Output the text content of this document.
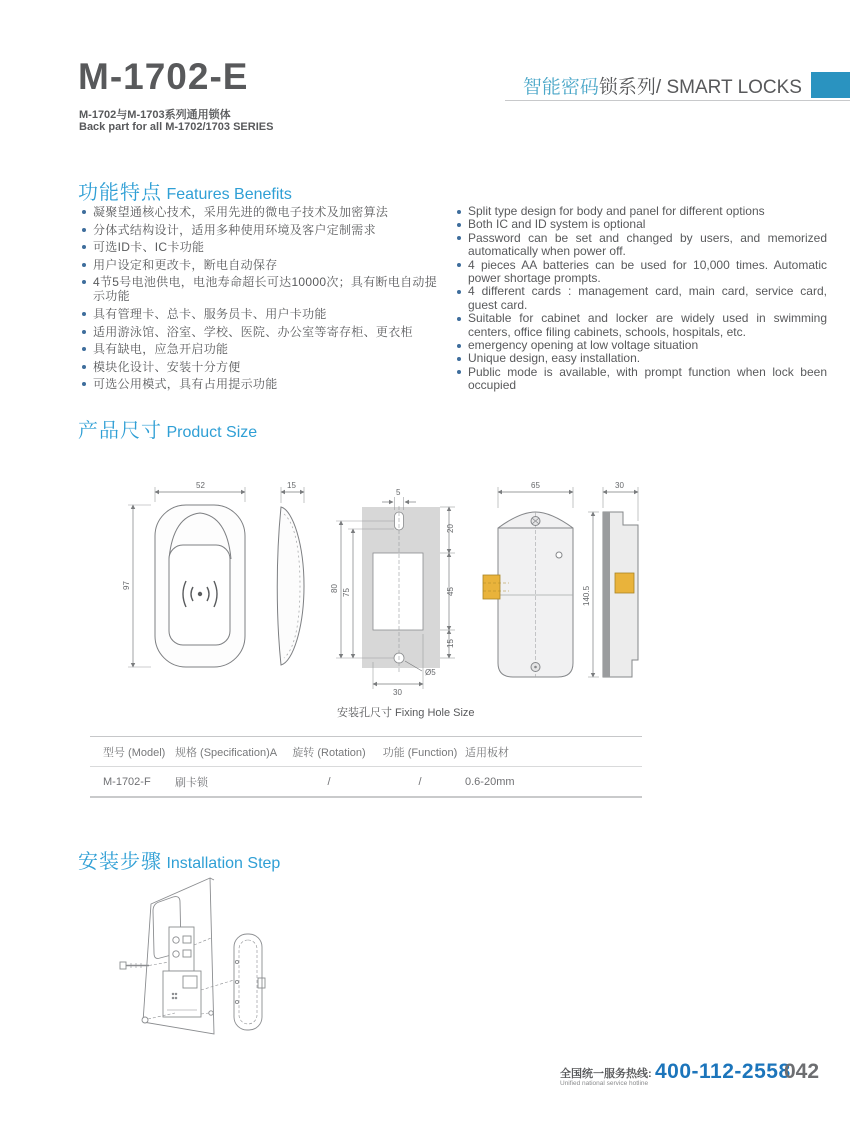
M-1702-E
M-1702与M-1703系列通用锁体
Back part for all M-1702/1703 SERIES
智能密码锁系列/ SMART LOCKS
功能特点 Features Benefits
凝聚望通核心技术，采用先进的微电子技术及加密算法
分体式结构设计，适用多种使用环境及客户定制需求
可选ID卡、IC卡功能
用户设定和更改卡，断电自动保存
4节5号电池供电，电池寿命超长可达10000次；具有断电自动提示功能
具有管理卡、总卡、服务员卡、用户卡功能
适用游泳馆、浴室、学校、医院、办公室等寄存柜、更衣柜
具有缺电，应急开启功能
模块化设计、安装十分方便
可选公用模式，具有占用提示功能
Split type design for body and panel for different options
Both IC and ID system is optional
Password can be set and changed by users, and memorized automatically when power off.
4 pieces AA batteries can be used for 10,000 times. Automatic power shortage prompts.
4 different cards : management card, main card, service card, guest card.
Suitable for cabinet and locker are widely used in swimming centers, office filing cabinets, schools, hospitals, etc.
emergency opening at low voltage situation
Unique design, easy installation.
Public mode is available, with prompt function when lock been occupied
产品尺寸 Product Size
52
97
15
5
20
45
15
80 75
30
Ø5
65	30
140.5
安装孔尺寸 Fixing Hole Size
型号 (Model) 规格 (Specification)A	旋转 (Rotation)	功能 (Function) 适用板材
M-1702-F	刷卡锁	/	/	0.6-20mm
安装步骤 Installation Step
全国统一服务热线:
Unified national service hotline
400-112-2558
042
